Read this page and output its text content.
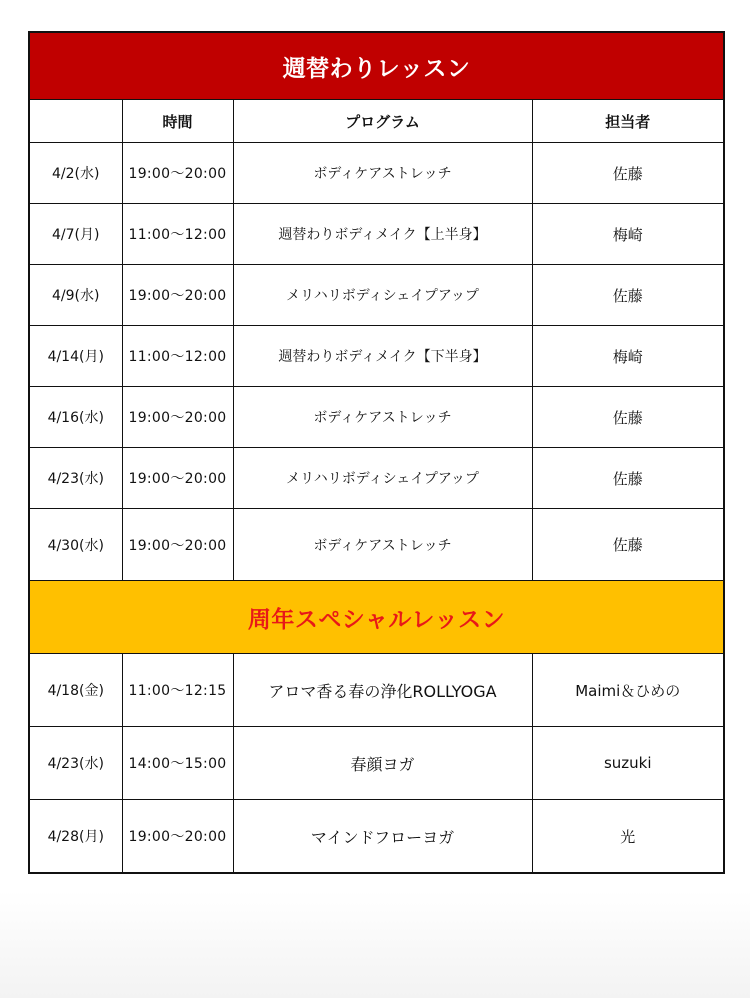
週替わりレッスン			
	時間	プログラム	担当者
4/2(水)	19:00〜20:00	ボディケアストレッチ	佐藤
4/7(月)	11:00〜12:00	週替わりボディメイク【上半身】	梅崎
4/9(水)	19:00〜20:00	メリハリボディシェイプアップ	佐藤
4/14(月)	11:00〜12:00	週替わりボディメイク【下半身】	梅崎
4/16(水)	19:00〜20:00	ボディケアストレッチ	佐藤
4/23(水)	19:00〜20:00	メリハリボディシェイプアップ	佐藤
4/30(水)	19:00〜20:00	ボディケアストレッチ	佐藤
周年スペシャルレッスン			
4/18(金)	11:00〜12:15	アロマ香る春の浄化ROLLYOGA	Maimi＆ひめの
4/23(水)	14:00〜15:00	春顔ヨガ	suzuki
4/28(月)	19:00〜20:00	マインドフローヨガ	光
